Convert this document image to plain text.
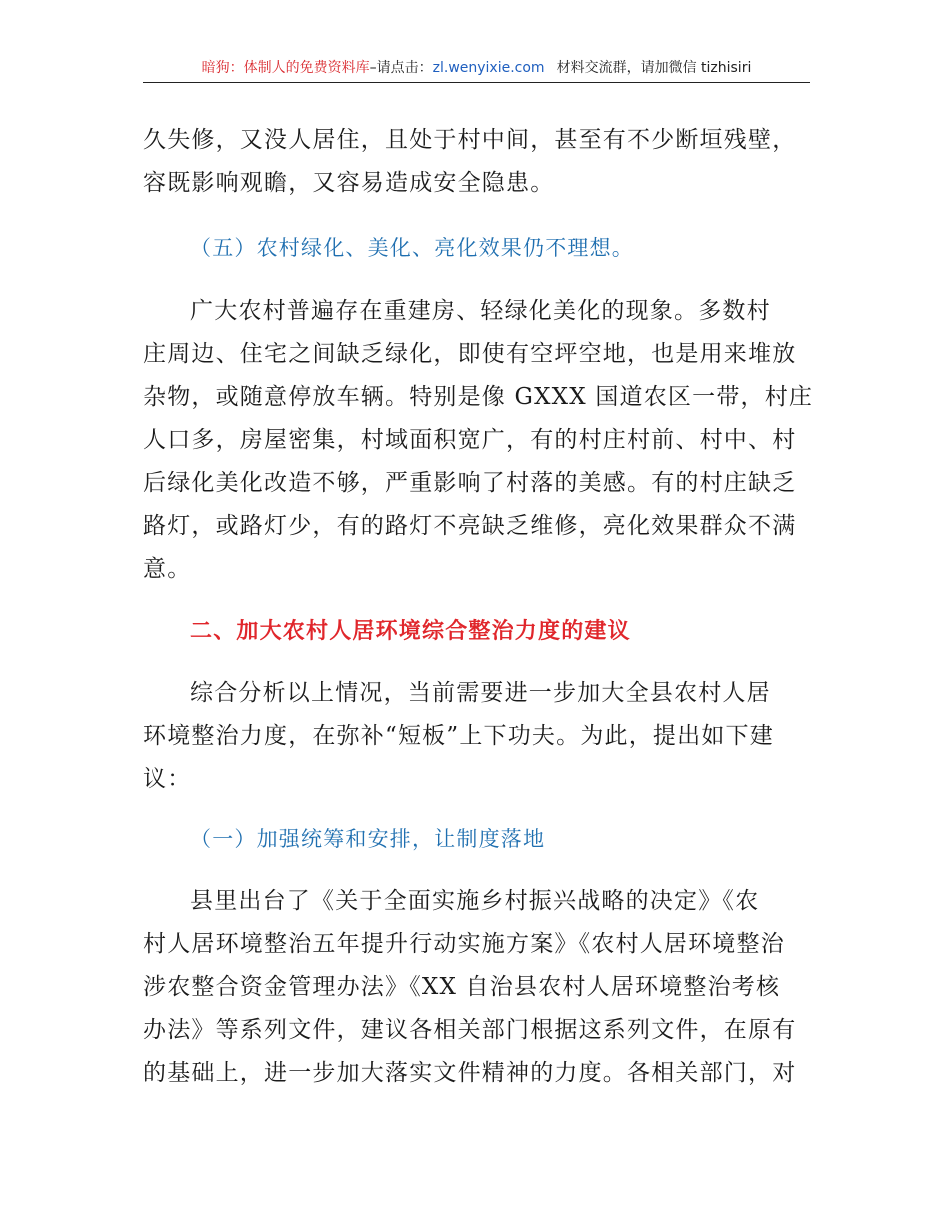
暗狗：体制人的免费资料库–请点击：zl.wenyixie.com 材料交流群，请加微信 tizhisiri
久失修，又没人居住，且处于村中间，甚至有不少断垣残壁，
容既影响观瞻，又容易造成安全隐患。
（五）农村绿化、美化、亮化效果仍不理想。
广大农村普遍存在重建房、轻绿化美化的现象。多数村
庄周边、住宅之间缺乏绿化，即使有空坪空地，也是用来堆放
杂物，或随意停放车辆。特别是像 GXXX 国道农区一带，村庄
人口多，房屋密集，村域面积宽广，有的村庄村前、村中、村
后绿化美化改造不够，严重影响了村落的美感。有的村庄缺乏
路灯，或路灯少，有的路灯不亮缺乏维修，亮化效果群众不满
意。
二、加大农村人居环境综合整治力度的建议
综合分析以上情况，当前需要进一步加大全县农村人居
环境整治力度，在弥补“短板”上下功夫。为此，提出如下建
议：
（一）加强统筹和安排，让制度落地
县里出台了《关于全面实施乡村振兴战略的决定》《农
村人居环境整治五年提升行动实施方案》《农村人居环境整治
涉农整合资金管理办法》《XX 自治县农村人居环境整治考核
办法》等系列文件，建议各相关部门根据这系列文件，在原有
的基础上，进一步加大落实文件精神的力度。各相关部门，对
